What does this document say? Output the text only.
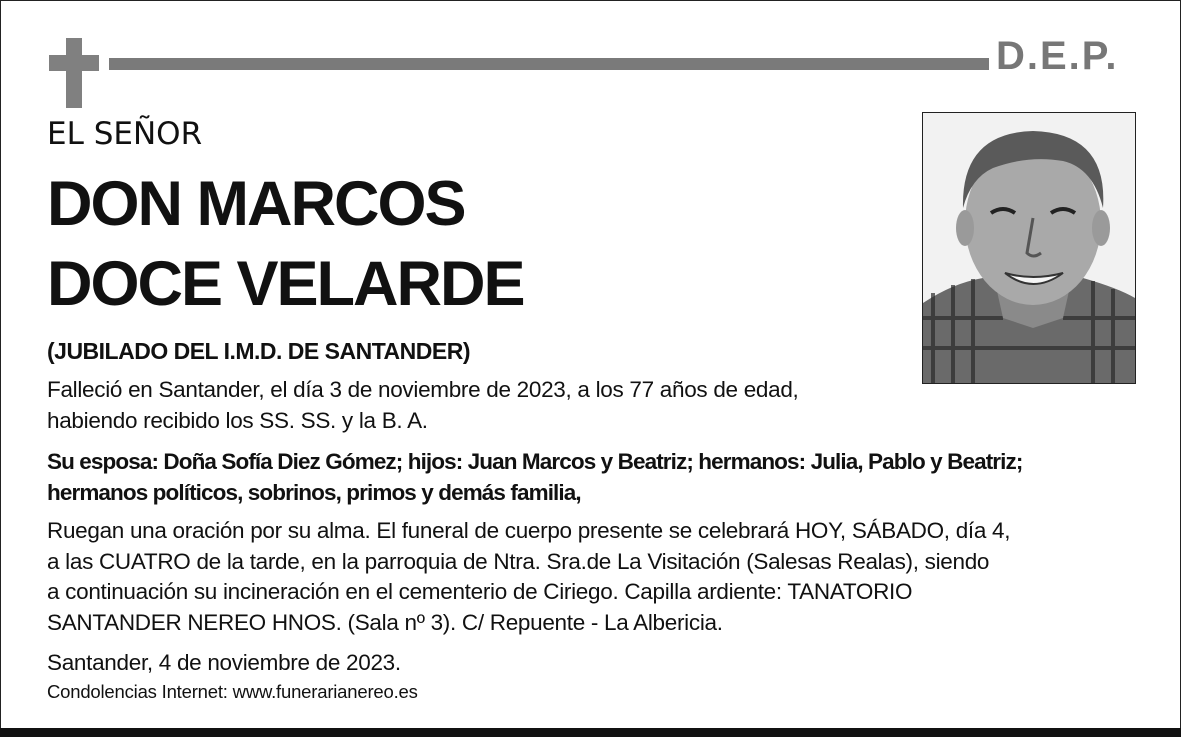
D.E.P.
EL SEÑOR
DON MARCOS
DOCE VELARDE
(JUBILADO DEL I.M.D. DE SANTANDER)
Falleció en Santander, el día 3 de noviembre de 2023, a los 77 años de edad,
habiendo recibido los SS. SS. y la B. A.
Su esposa: Doña Sofía Diez Gómez; hijos: Juan Marcos y Beatriz; hermanos: Julia, Pablo y Beatriz;
hermanos políticos, sobrinos, primos y demás familia,
Ruegan una oración por su alma. El funeral de cuerpo presente se celebrará HOY, SÁBADO, día 4,
a las CUATRO de la tarde, en la parroquia de Ntra. Sra.de La Visitación (Salesas Realas), siendo
a continuación su incineración en el cementerio de Ciriego. Capilla ardiente: TANATORIO
SANTANDER NEREO HNOS. (Sala nº 3). C/ Repuente - La Albericia.
Santander, 4 de noviembre de 2023.
Condolencias Internet: www.funerarianereo.es
